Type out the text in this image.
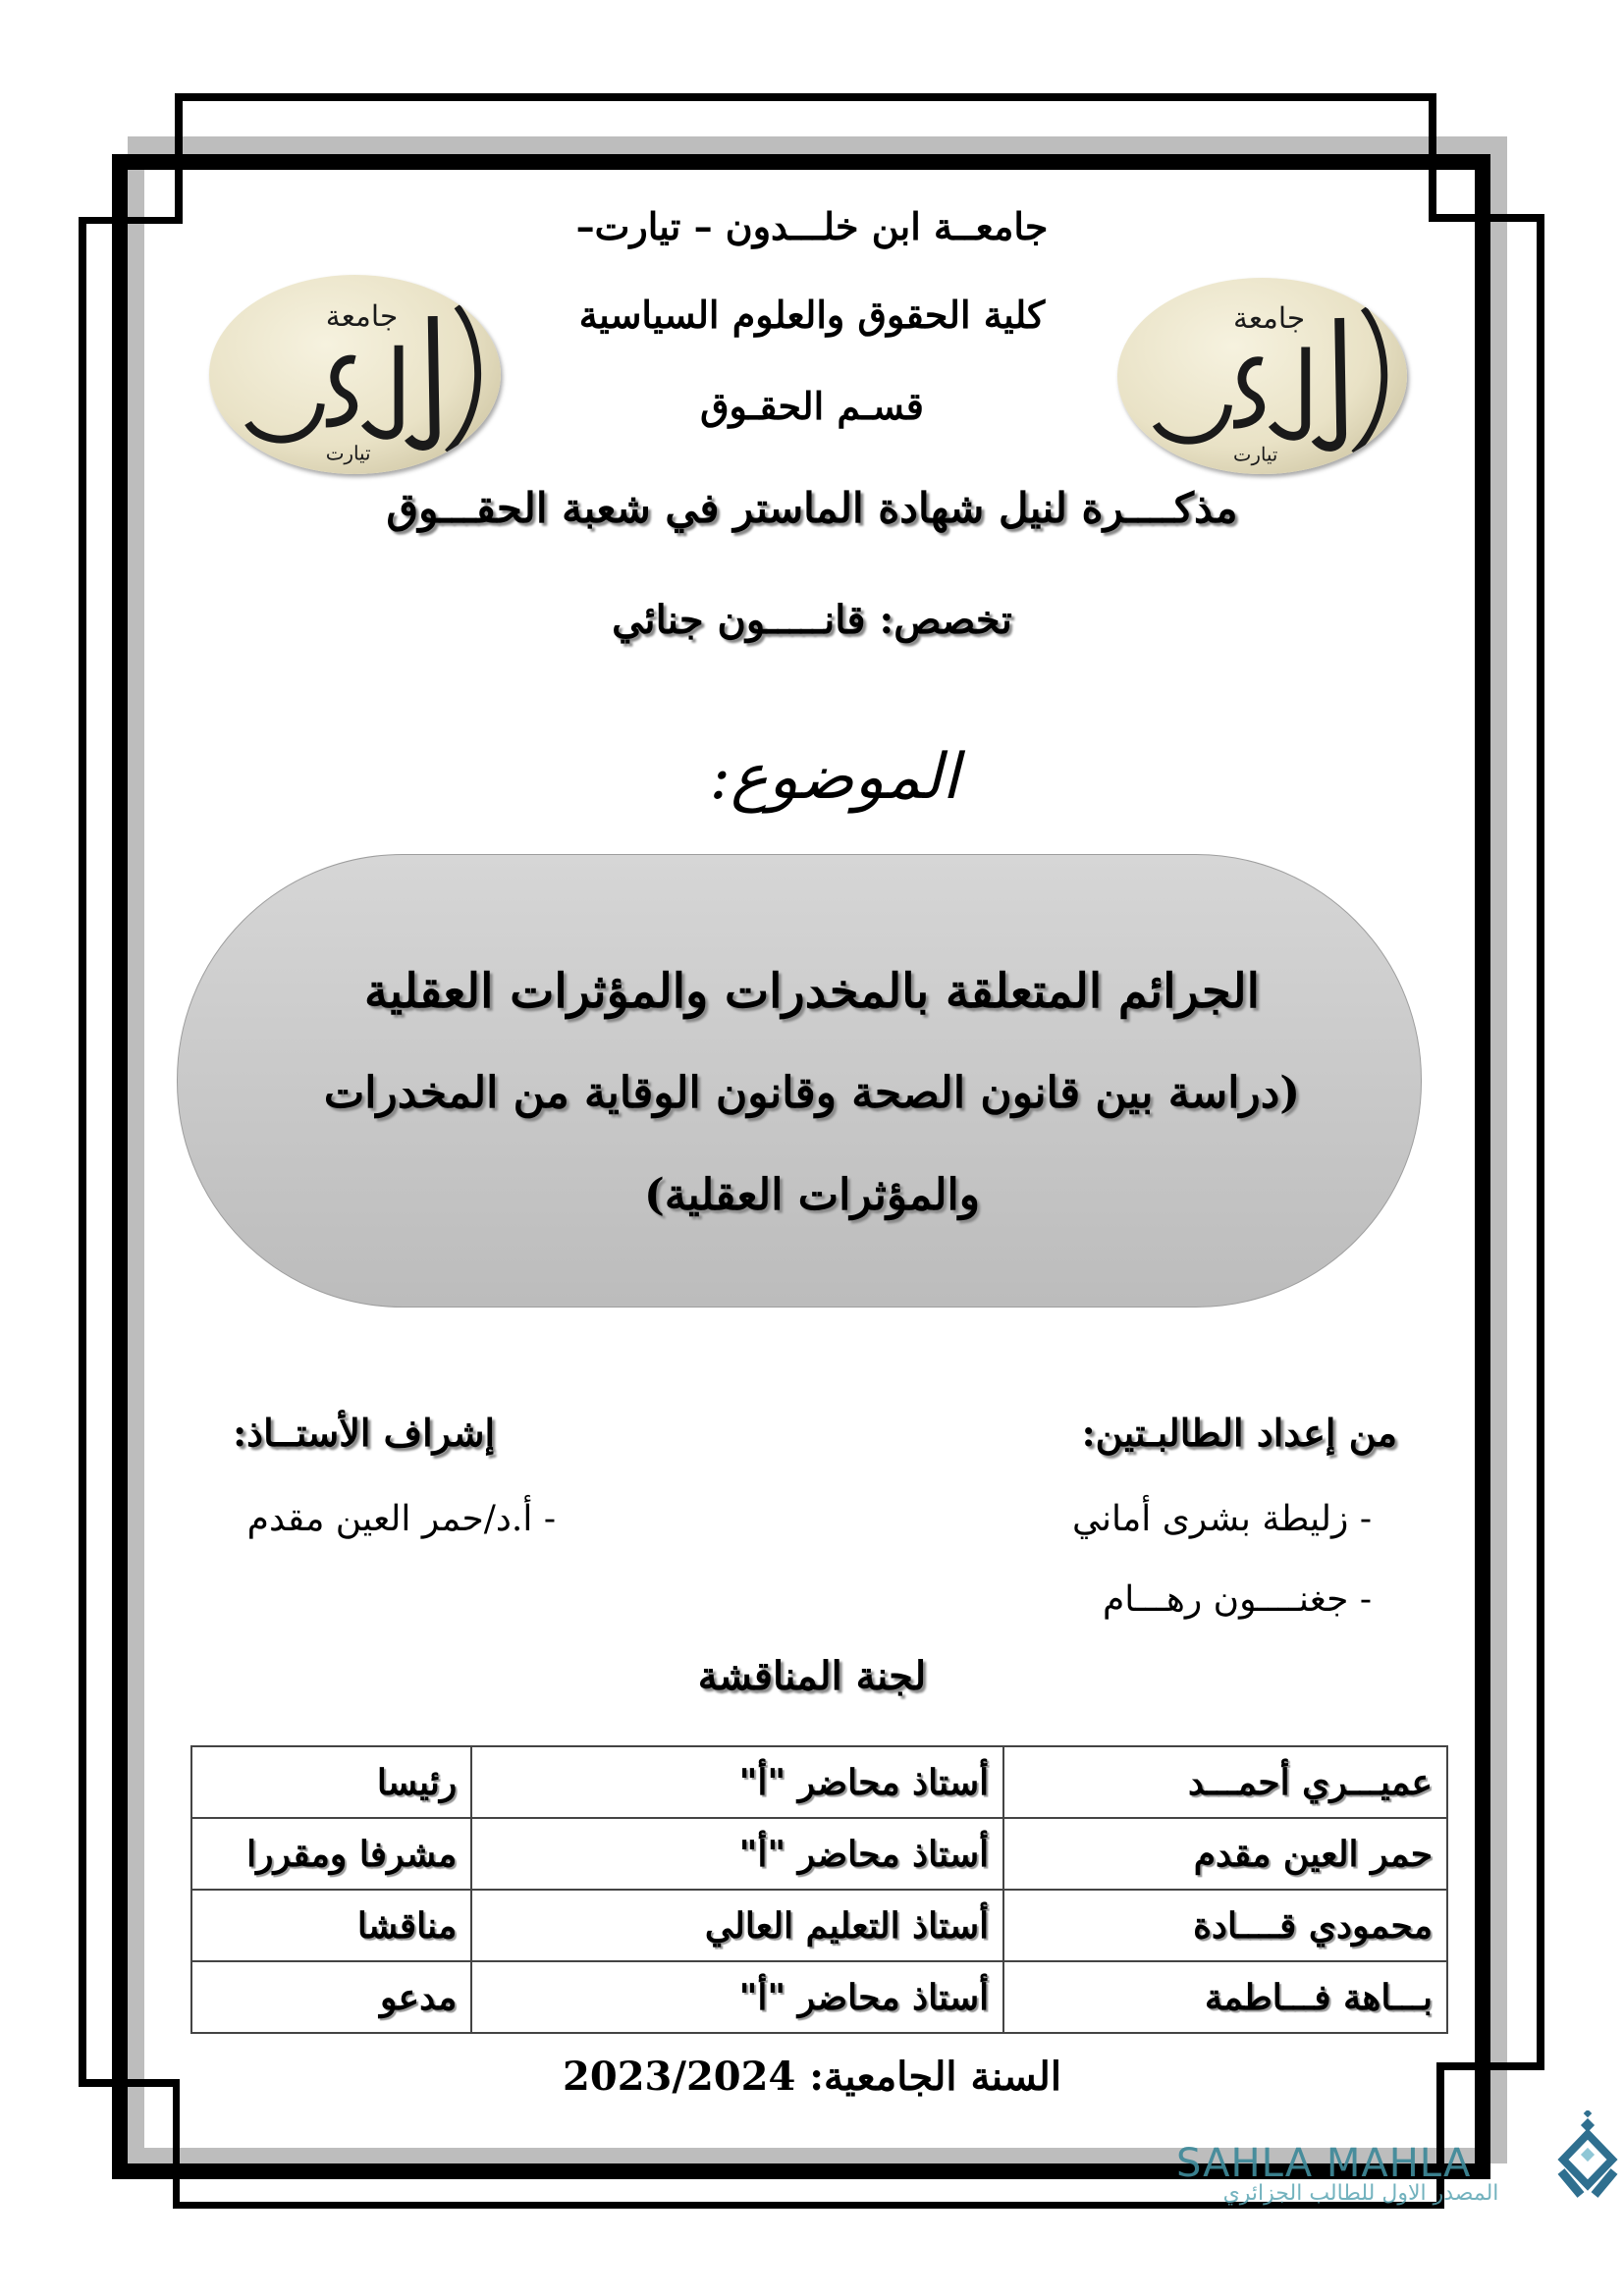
جامعة
تيارت
جامعة
تيارت
جامعــة ابن خلـــدون – تيارت–
كلية الحقوق والعلوم السياسية
قسـم الحقـوق
مذكــــرة لنيل شهادة الماستر في شعبة الحقـــوق
تخصص: قانـــــون جنائي
الموضوع:
الجرائم المتعلقة بالمخدرات والمؤثرات العقلية
(دراسة بين قانون الصحة وقانون الوقاية من المخدرات
والمؤثرات العقلية)
من إعداد الطالبـتين:
- زليطة بشرى أماني
- جغنــــون رهـــام
إشراف الأستــاذ:
- أ.د/حمر العين مقدم
لجنة المناقشة
عميـــري أحمـــد	أستاذ محاضر "أ"	رئيسا
حمر العين مقدم	أستاذ محاضر "أ"	مشرفا ومقررا
محمودي قــــادة	أستاذ التعليم العالي	مناقشا
بـــاهة فـــاطمة	أستاذ محاضر "أ"	مدعو
السنة الجامعية: 2023/2024
SAHLA MAHLA
المصدر الاول للطالب الجزائري
